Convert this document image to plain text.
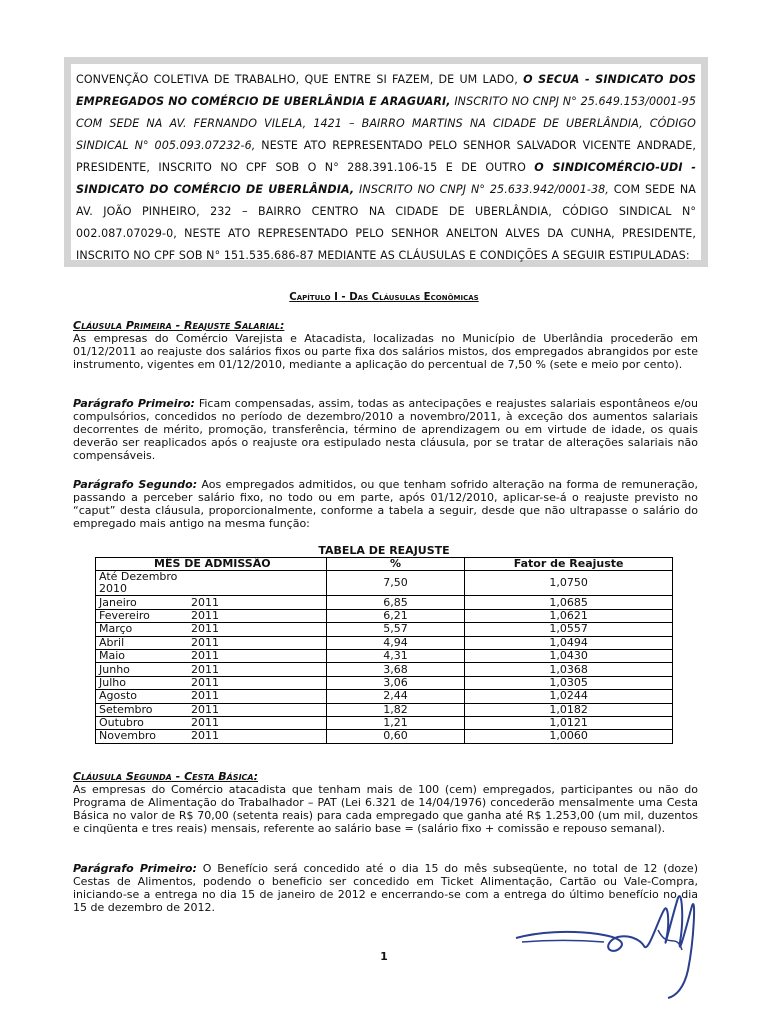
CONVENÇÃO COLETIVA DE TRABALHO, QUE ENTRE SI FAZEM, DE UM LADO, O SECUA - SINDICATO DOS EMPREGADOS NO COMÉRCIO DE UBERLÂNDIA E ARAGUARI, INSCRITO NO CNPJ N° 25.649.153/0001-95 COM SEDE NA AV. FERNANDO VILELA, 1421 – BAIRRO MARTINS NA CIDADE DE UBERLÂNDIA, CÓDIGO SINDICAL N° 005.093.07232-6, NESTE ATO REPRESENTADO PELO SENHOR SALVADOR VICENTE ANDRADE, PRESIDENTE, INSCRITO NO CPF SOB O N° 288.391.106-15 E DE OUTRO O SINDICOMÉRCIO-UDI - SINDICATO DO COMÉRCIO DE UBERLÂNDIA, INSCRITO NO CNPJ N° 25.633.942/0001-38, COM SEDE NA AV. JOÃO PINHEIRO, 232 – BAIRRO CENTRO NA CIDADE DE UBERLÂNDIA, CÓDIGO SINDICAL N° 002.087.07029-0, NESTE ATO REPRESENTADO PELO SENHOR ANELTON ALVES DA CUNHA, PRESIDENTE, INSCRITO NO CPF SOB N° 151.535.686-87 MEDIANTE AS CLÁUSULAS E CONDIÇÕES A SEGUIR ESTIPULADAS:
Capítulo I - Das Cláusulas Econômicas
Cláusula Primeira - Reajuste Salarial:
As empresas do Comércio Varejista e Atacadista, localizadas no Município de Uberlândia procederão em 01/12/2011 ao reajuste dos salários fixos ou parte fixa dos salários mistos, dos empregados abrangidos por este instrumento, vigentes em 01/12/2010, mediante a aplicação do percentual de 7,50 % (sete e meio por cento).
Parágrafo Primeiro: Ficam compensadas, assim, todas as antecipações e reajustes salariais espontâneos e/ou compulsórios, concedidos no período de dezembro/2010 a novembro/2011, à exceção dos aumentos salariais decorrentes de mérito, promoção, transferência, término de aprendizagem ou em virtude de idade, os quais deverão ser reaplicados após o reajuste ora estipulado nesta cláusula, por se tratar de alterações salariais não compensáveis.
Parágrafo Segundo: Aos empregados admitidos, ou que tenham sofrido alteração na forma de remuneração, passando a perceber salário fixo, no todo ou em parte, após 01/12/2010, aplicar-se-á o reajuste previsto no “caput” desta cláusula, proporcionalmente, conforme a tabela a seguir, desde que não ultrapasse o salário do empregado mais antigo na mesma função:
TABELA DE REAJUSTE
MÊS DE ADMISSÃO	%	Fator de Reajuste
Até Dezembro 2010	7,50	1,0750
Janeiro 2011	6,85	1,0685
Fevereiro 2011	6,21	1,0621
Março 2011	5,57	1,0557
Abril 2011	4,94	1,0494
Maio 2011	4,31	1,0430
Junho 2011	3,68	1,0368
Julho 2011	3,06	1,0305
Agosto 2011	2,44	1,0244
Setembro 2011	1,82	1,0182
Outubro 2011	1,21	1,0121
Novembro 2011	0,60	1,0060
Cláusula Segunda - Cesta Básica:
As empresas do Comércio atacadista que tenham mais de 100 (cem) empregados, participantes ou não do Programa de Alimentação do Trabalhador – PAT (Lei 6.321 de 14/04/1976) concederão mensalmente uma Cesta Básica no valor de R$ 70,00 (setenta reais) para cada empregado que ganha até R$ 1.253,00 (um mil, duzentos e cinqüenta e tres reais) mensais, referente ao salário base = (salário fixo + comissão e repouso semanal).
Parágrafo Primeiro: O Benefício será concedido até o dia 15 do mês subseqüente, no total de 12 (doze) Cestas de Alimentos, podendo o beneficio ser concedido em Ticket Alimentação, Cartão ou Vale-Compra, iniciando-se a entrega no dia 15 de janeiro de 2012 e encerrando-se com a entrega do último benefício no dia 15 de dezembro de 2012.
1
